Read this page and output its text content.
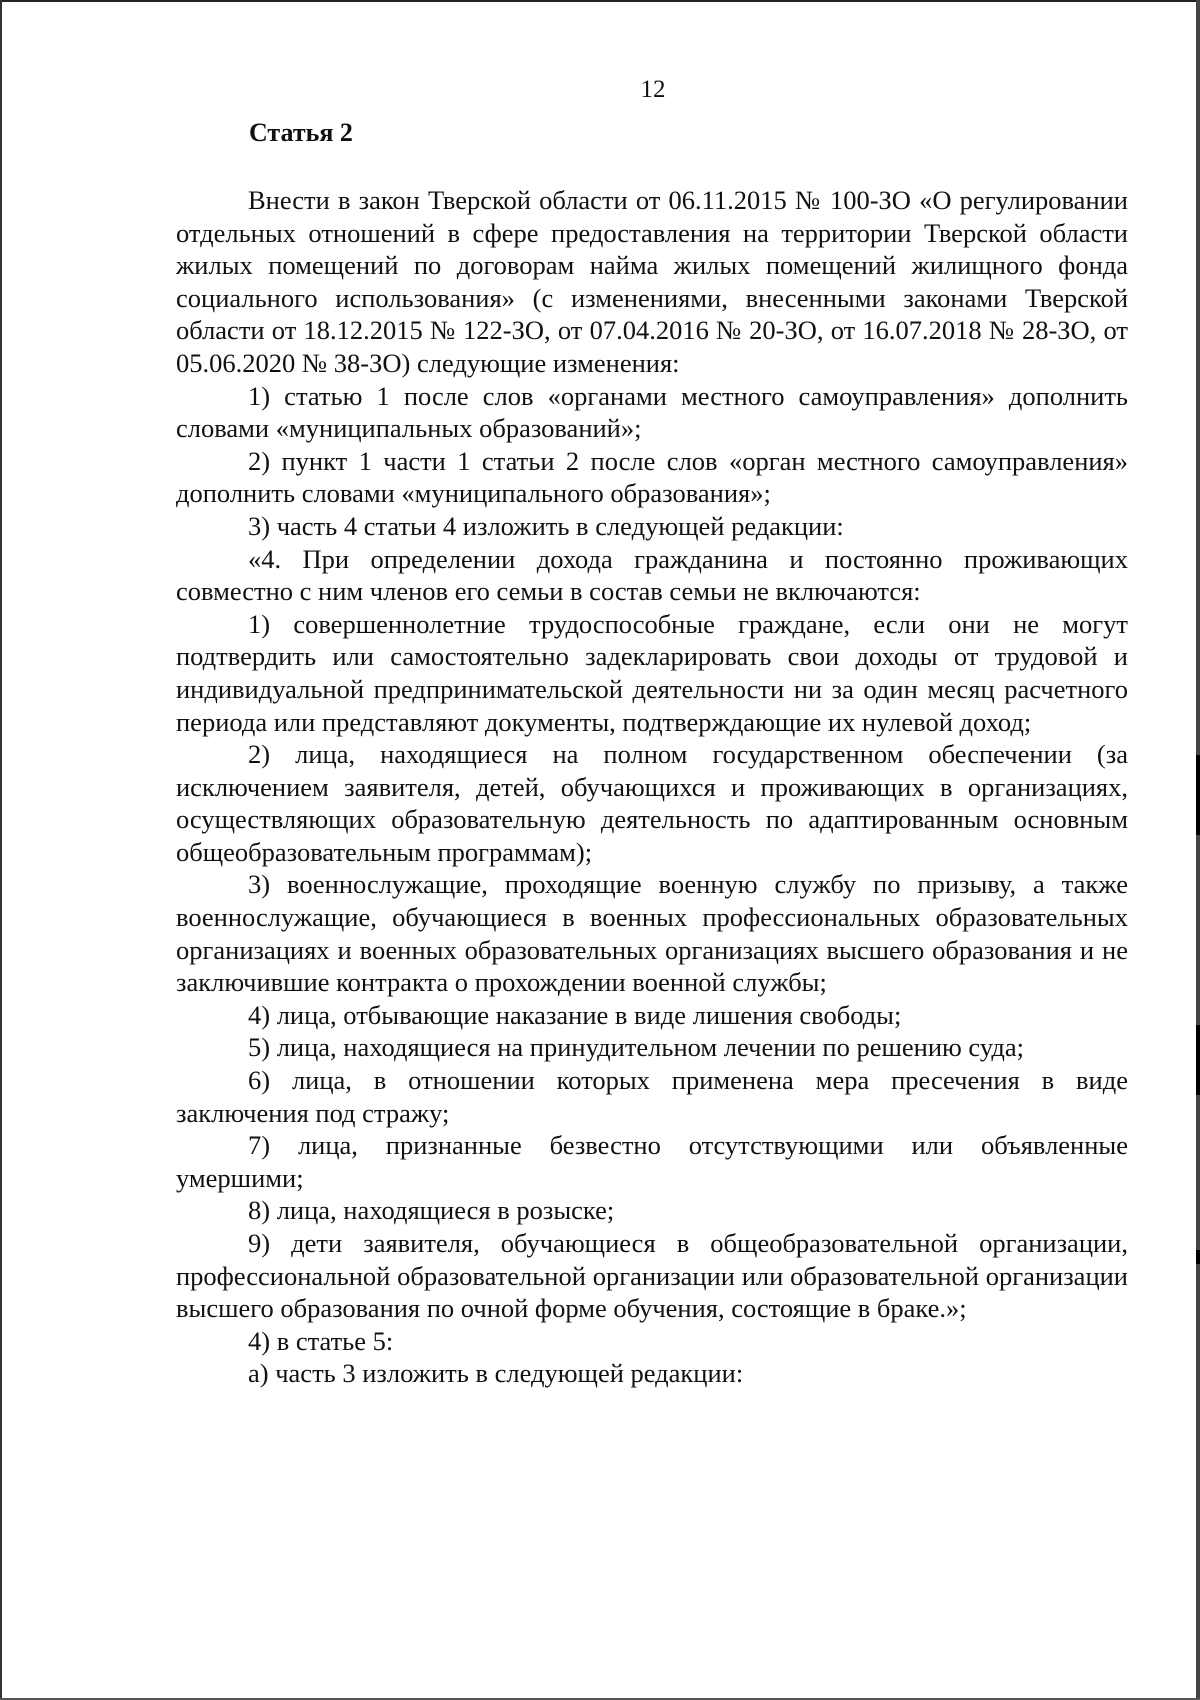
12
Статья 2

Внести в закон Тверской области от 06.11.2015 № 100-ЗО «О регулировании отдельных отношений в сфере предоставления на территории Тверской области жилых помещений по договорам найма жилых помещений жилищного фонда социального использования» (с изменениями, внесенными законами Тверской области от 18.12.2015 № 122-ЗО, от 07.04.2016 № 20-ЗО, от 16.07.2018 № 28-ЗО, от 05.06.2020 № 38-ЗО) следующие изменения:

1) статью 1 после слов «органами местного самоуправления» дополнить словами «муниципальных образований»;

2) пункт 1 части 1 статьи 2 после слов «орган местного самоуправления» дополнить словами «муниципального образования»;

3) часть 4 статьи 4 изложить в следующей редакции:

«4. При определении дохода гражданина и постоянно проживающих совместно с ним членов его семьи в состав семьи не включаются:

1) совершеннолетние трудоспособные граждане, если они не могут подтвердить или самостоятельно задекларировать свои доходы от трудовой и индивидуальной предпринимательской деятельности ни за один месяц расчетного периода или представляют документы, подтверждающие их нулевой доход;

2) лица, находящиеся на полном государственном обеспечении (за исключением заявителя, детей, обучающихся и проживающих в организациях, осуществляющих образовательную деятельность по адаптированным основным общеобразовательным программам);

3) военнослужащие, проходящие военную службу по призыву, а также военнослужащие, обучающиеся в военных профессиональных образовательных организациях и военных образовательных организациях высшего образования и не заключившие контракта о прохождении военной службы;

4) лица, отбывающие наказание в виде лишения свободы;

5) лица, находящиеся на принудительном лечении по решению суда;

6) лица, в отношении которых применена мера пресечения в виде заключения под стражу;

7) лица, признанные безвестно отсутствующими или объявленные умершими;

8) лица, находящиеся в розыске;

9) дети заявителя, обучающиеся в общеобразовательной организации, профессиональной образовательной организации или образовательной организации высшего образования по очной форме обучения, состоящие в браке.»;

4) в статье 5:

а) часть 3 изложить в следующей редакции:
